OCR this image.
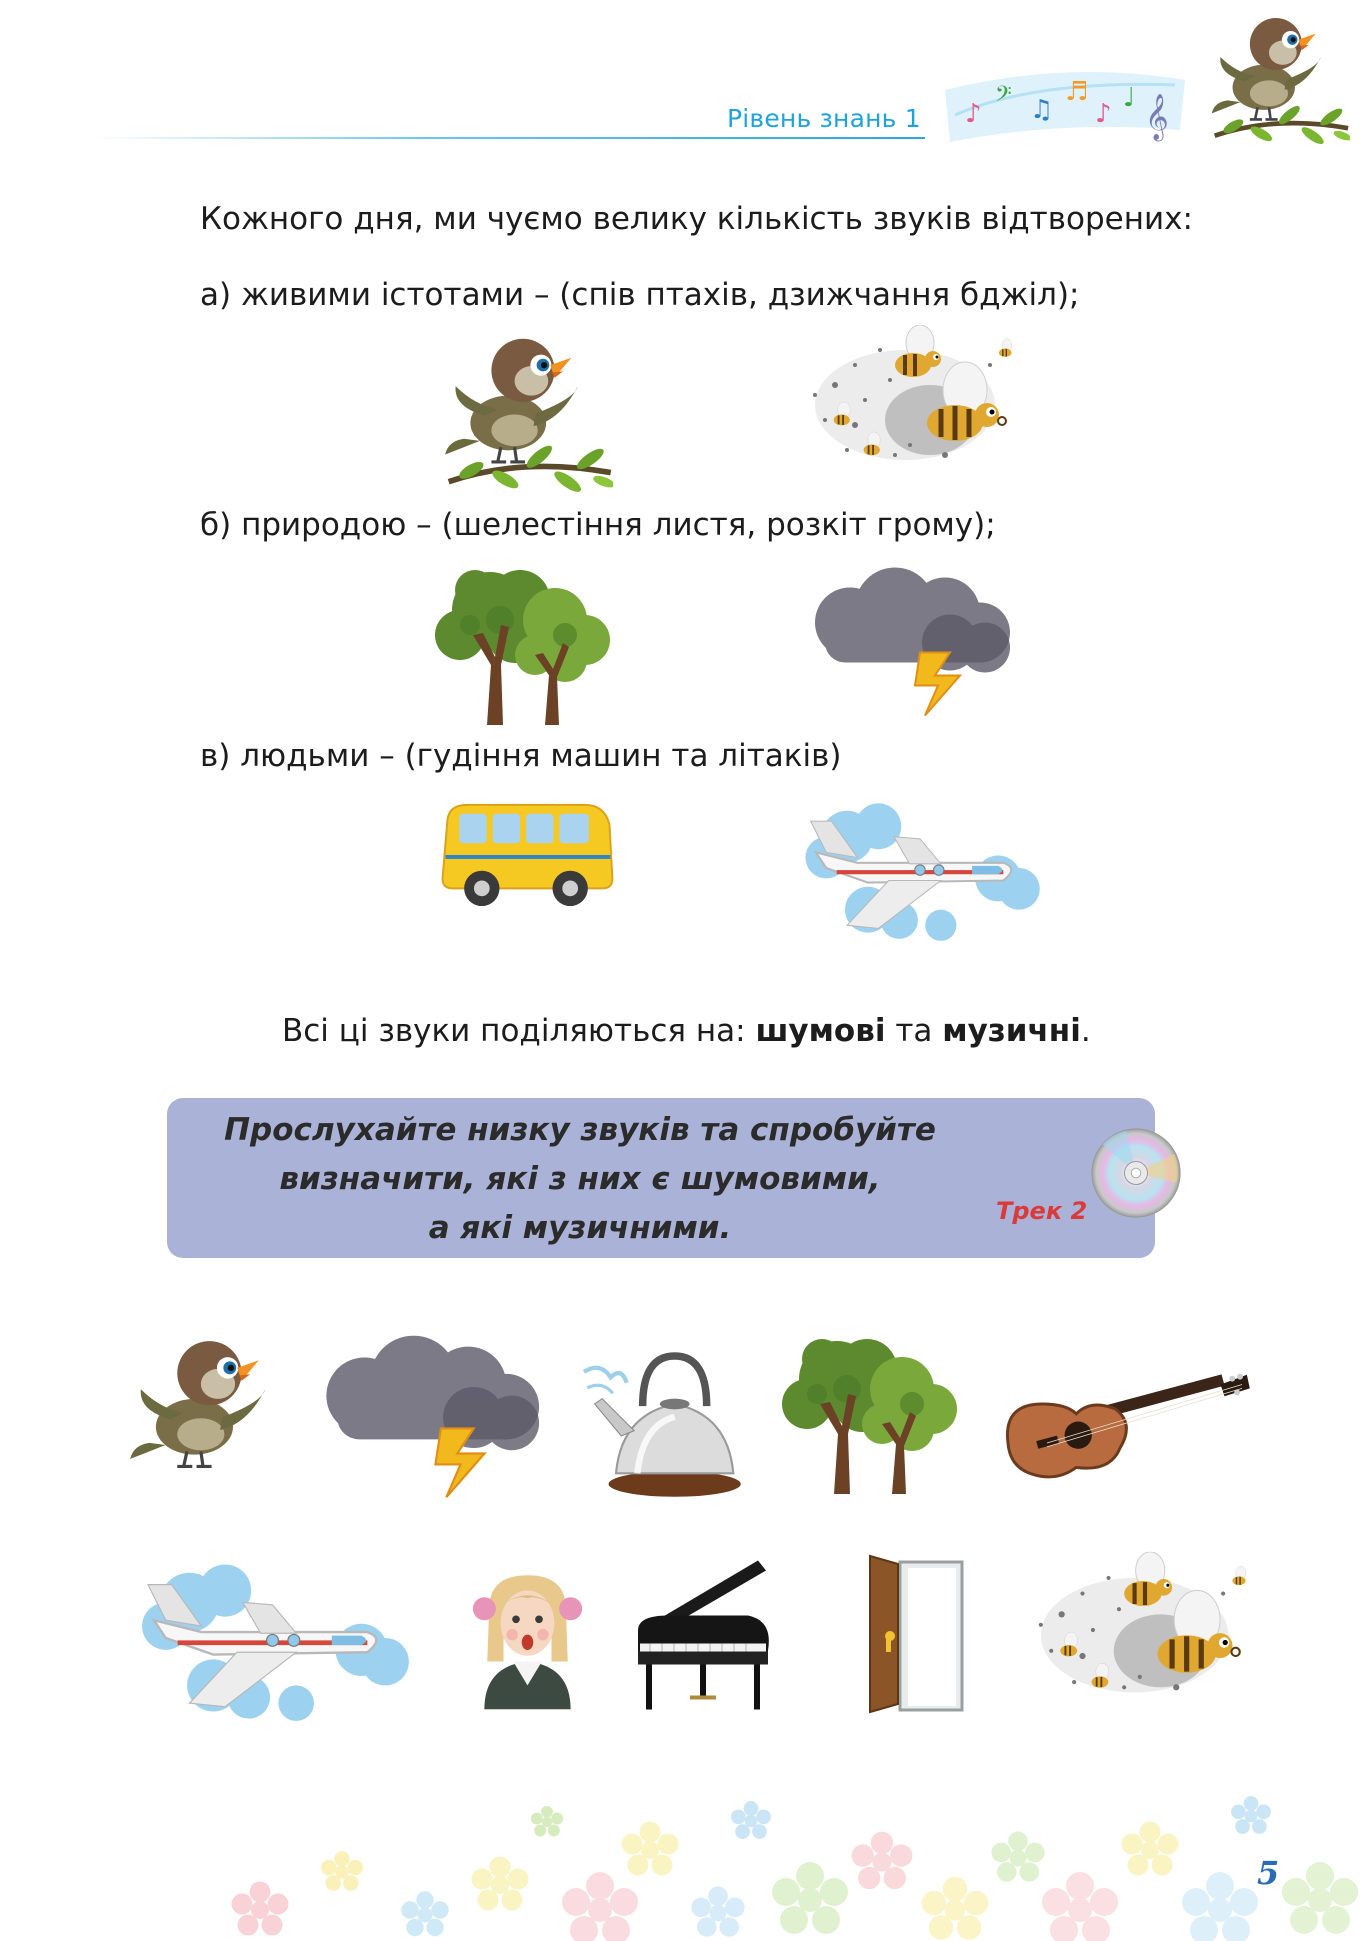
Рівень знань 1
Кожного дня, ми чуємо велику кількість звуків відтворених:
а) живими істотами – (спів птахів, дзижчання бджіл);
б) природою – (шелестіння листя, розкіт грому);
в) людьми – (гудіння машин та літаків)
Всі ці звуки поділяються на: шумові та музичні.
Прослухайте низку звуків та спробуйте
визначити, які з них є шумовими,
а які музичними.	Трек 2
5
